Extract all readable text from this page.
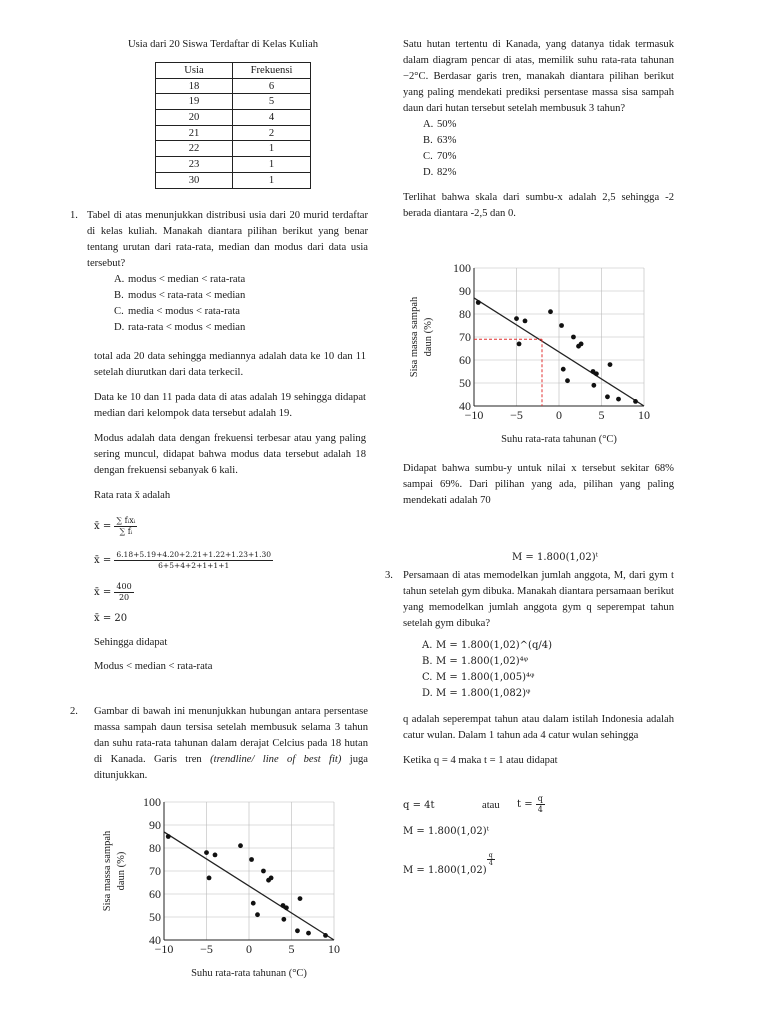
Usia dari 20 Siswa Terdaftar di Kelas Kuliah
Usia	Frekuensi
18	6
19	5
20	4
21	2
22	1
23	1
30	1

1. Tabel di atas menunjukkan distribusi usia dari 20 murid terdaftar di kelas kuliah. Manakah diantara pilihan berikut yang benar tentang urutan dari rata-rata, median dan modus dari data usia tersebut?

A. modus < median < rata-rata
B. modus < rata-rata < median
C. media < modus < rata-rata
D. rata-rata < modus < median

total ada 20 data sehingga mediannya adalah data ke 10 dan 11 setelah diurutkan dari data terkecil.

Data ke 10 dan 11 pada data di atas adalah 19 sehingga didapat median dari kelompok data tersebut adalah 19.

Modus adalah data dengan frekuensi terbesar atau yang paling sering muncul, didapat bahwa modus data tersebut adalah 18 dengan frekuensi sebanyak 6 kali.

Rata rata x̄ adalah

x̄ = $\frac{\text{∑ fᵢxᵢ}}{\text{∑ fᵢ}}$
x̄ = $\frac{6.18+5.19+4.20+2.21+1.22+1.23+1.30}{6+5+4+2+1+1+1}$
x̄ = $\frac{400}{20}$
x̄ = 20
Sehingga didapat
Modus < median < rata-rata

2. Gambar di bawah ini menunjukkan hubungan antara persentase massa sampah daun tersisa setelah membusuk selama 3 tahun dan suhu rata-rata tahunan dalam derajat Celcius pada 18 hutan di Kanada. Garis tren (trendline/ line of best fit) juga ditunjukkan.

40
50
60
70
80
90
100
−10 −5	0	5	10
Suhu rata-rata tahunan (°C)
Sisa massa sampah daun (%)

Satu hutan tertentu di Kanada, yang datanya tidak termasuk dalam diagram pencar di atas, memilik suhu rata-rata tahunan −2°C. Berdasar garis tren, manakah diantara pilihan berikut yang paling mendekati prediksi persentase massa sisa sampah daun dari hutan tersebut setelah membusuk 3 tahun?

A. 50%
B. 63%
C. 70%
D. 82%

Terlihat bahwa skala dari sumbu-x adalah 2,5 sehingga -2 berada diantara -2,5 dan 0.

40
50
60
70
80
90
100
−10 −5	0	5	10
Suhu rata-rata tahunan (°C)
Sisa massa sampah daun (%)
Didapat bahwa sumbu-y untuk nilai x tersebut sekitar 68% sampai 69%. Dari pilihan yang ada, pilihan yang paling mendekati adalah 70
M = 1.800(1,02)ᵗ

3. Persamaan di atas memodelkan jumlah anggota, M, dari gym t tahun setelah gym dibuka. Manakah diantara persamaan berikut yang memodelkan jumlah anggota gym q seperempat tahun setelah gym dibuka?

A. M = 1.800(1,02)^(q/4)
B. M = 1.800(1,02)⁴ᵠ
C. M = 1.800(1,005)⁴ᵠ
D. M = 1.800(1,082)ᵠ

q adalah seperempat tahun atau dalam istilah Indonesia adalah catur wulan. Dalam 1 tahun ada 4 catur wulan sehingga

Ketika q = 4 maka t = 1 atau didapat

q = 4t	atau $t = \frac{q}{4}$
M = 1.800(1,02)ᵗ
M = 1.800(1,02)
$\frac{q}{4}$
